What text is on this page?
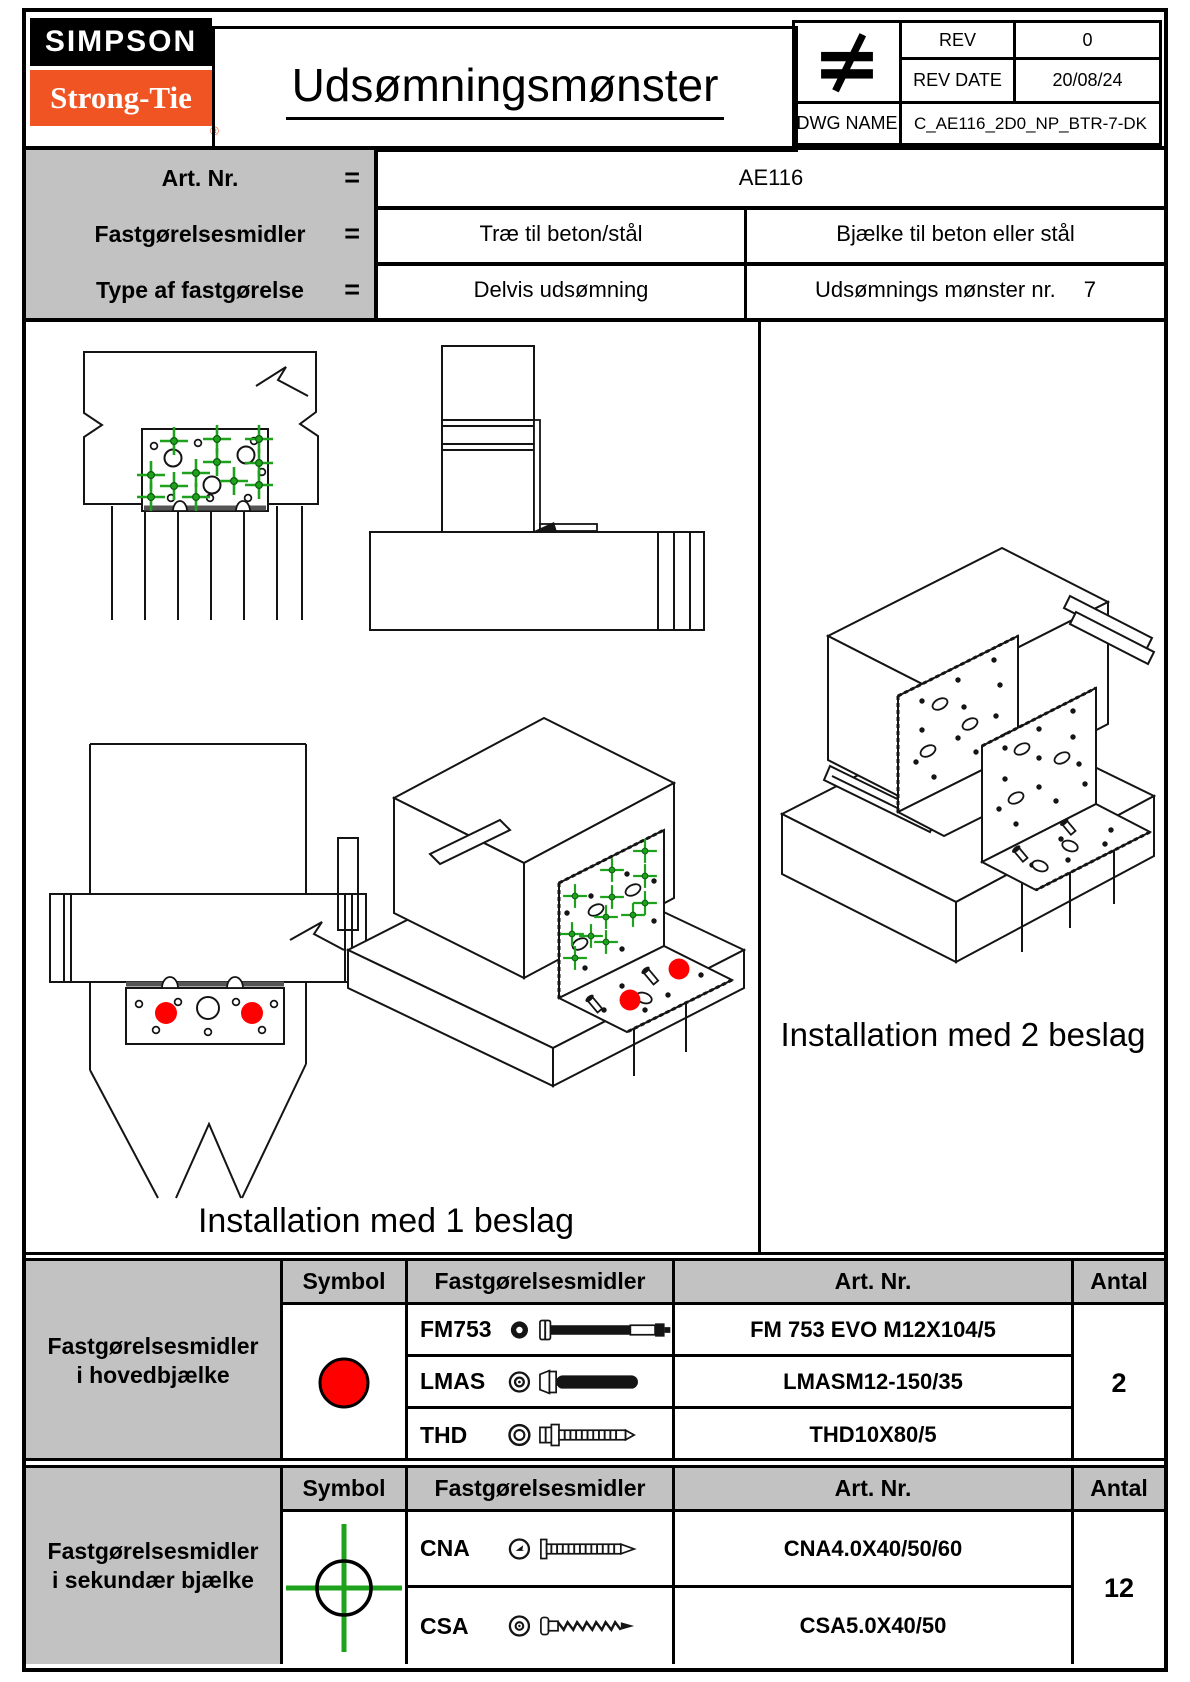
SIMPSON
Strong-Tie
®
Udsømningsmønster
REV	0
REV DATE	20/08/24
DWG NAME C_AE116_2D0_NP_BTR-7-DK
Art. Nr.	=	AE116
Fastgørelsesmidler =	Træ til beton/stål	Bjælke til beton eller stål
Type af fastgørelse =	Delvis udsømning	Udsømnings mønster nr. 7
Installation med 1 beslag
Installation med 2 beslag
Fastgørelsesmidler
i hovedbjælke
Symbol	Fastgørelsesmidler	Art. Nr.	Antal
FM753	FM 753 EVO M12X104/5
LMAS	LMASM12-150/35
THD	THD10X80/5
2
Fastgørelsesmidler
i sekundær bjælke
Symbol	Fastgørelsesmidler	Art. Nr.	Antal
CNA	CNA4.0X40/50/60
CSA	CSA5.0X40/50
12
